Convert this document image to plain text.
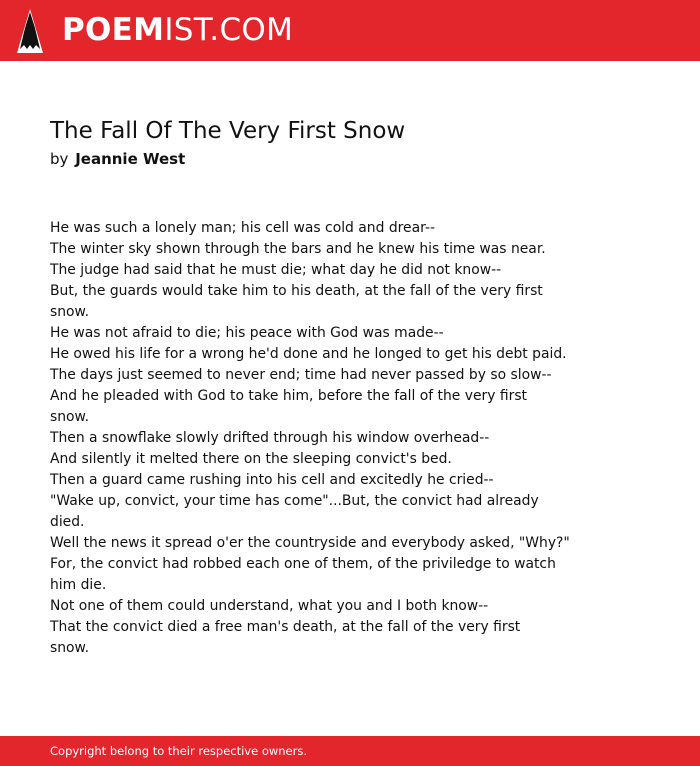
POEMIST.COM
The Fall Of The Very First Snow
by Jeannie West
He was such a lonely man; his cell was cold and drear--
The winter sky shown through the bars and he knew his time was near.
The judge had said that he must die; what day he did not know--
But, the guards would take him to his death, at the fall of the very first
snow.
He was not afraid to die; his peace with God was made--
He owed his life for a wrong he'd done and he longed to get his debt paid.
The days just seemed to never end; time had never passed by so slow--
And he pleaded with God to take him, before the fall of the very first
snow.
Then a snowflake slowly drifted through his window overhead--
And silently it melted there on the sleeping convict's bed.
Then a guard came rushing into his cell and excitedly he cried--
"Wake up, convict, your time has come"...But, the convict had already
died.
Well the news it spread o'er the countryside and everybody asked, "Why?"
For, the convict had robbed each one of them, of the priviledge to watch
him die.
Not one of them could understand, what you and I both know--
That the convict died a free man's death, at the fall of the very first
snow.
Copyright belong to their respective owners.
